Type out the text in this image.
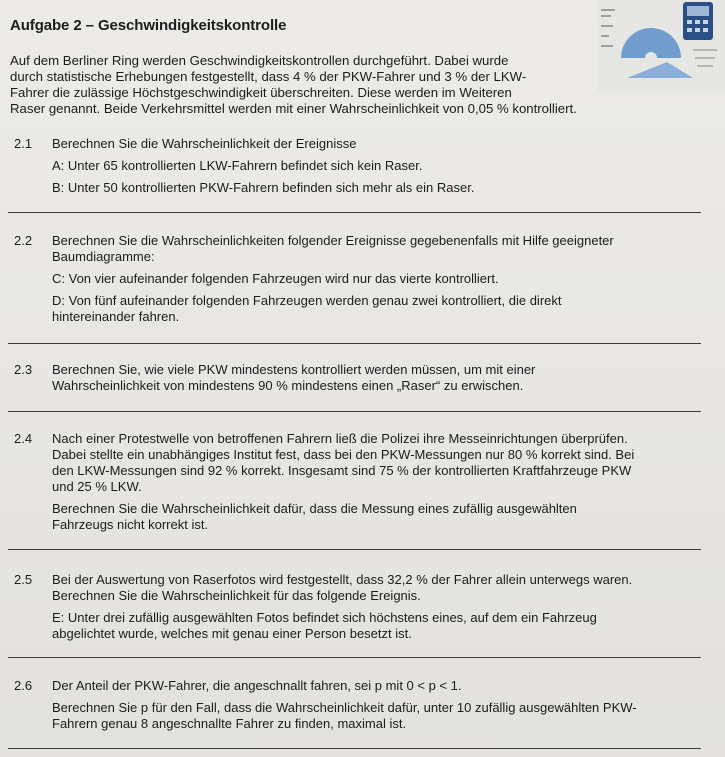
Aufgabe 2 – Geschwindigkeitskontrolle
Auf dem Berliner Ring werden Geschwindigkeitskontrollen durchgeführt. Dabei wurde
durch statistische Erhebungen festgestellt, dass 4 % der PKW-Fahrer und 3 % der LKW-
Fahrer die zulässige Höchstgeschwindigkeit überschreiten. Diese werden im Weiteren
Raser genannt. Beide Verkehrsmittel werden mit einer Wahrscheinlichkeit von 0,05 % kontrolliert.
2.1 Berechnen Sie die Wahrscheinlichkeit der Ereignisse
A: Unter 65 kontrollierten LKW-Fahrern befindet sich kein Raser.
B: Unter 50 kontrollierten PKW-Fahrern befinden sich mehr als ein Raser.
2.2 Berechnen Sie die Wahrscheinlichkeiten folgender Ereignisse gegebenenfalls mit Hilfe geeigneter
Baumdiagramme:
C: Von vier aufeinander folgenden Fahrzeugen wird nur das vierte kontrolliert.
D: Von fünf aufeinander folgenden Fahrzeugen werden genau zwei kontrolliert, die direkt
hintereinander fahren.
2.3 Berechnen Sie, wie viele PKW mindestens kontrolliert werden müssen, um mit einer
Wahrscheinlichkeit von mindestens 90 % mindestens einen „Raser“ zu erwischen.
2.4 Nach einer Protestwelle von betroffenen Fahrern ließ die Polizei ihre Messeinrichtungen überprüfen.
Dabei stellte ein unabhängiges Institut fest, dass bei den PKW-Messungen nur 80 % korrekt sind. Bei
den LKW-Messungen sind 92 % korrekt. Insgesamt sind 75 % der kontrollierten Kraftfahrzeuge PKW
und 25 % LKW.
Berechnen Sie die Wahrscheinlichkeit dafür, dass die Messung eines zufällig ausgewählten
Fahrzeugs nicht korrekt ist.
2.5 Bei der Auswertung von Raserfotos wird festgestellt, dass 32,2 % der Fahrer allein unterwegs waren.
Berechnen Sie die Wahrscheinlichkeit für das folgende Ereignis.
E: Unter drei zufällig ausgewählten Fotos befindet sich höchstens eines, auf dem ein Fahrzeug
abgelichtet wurde, welches mit genau einer Person besetzt ist.
2.6 Der Anteil der PKW-Fahrer, die angeschnallt fahren, sei p mit 0 < p < 1.
Berechnen Sie p für den Fall, dass die Wahrscheinlichkeit dafür, unter 10 zufällig ausgewählten PKW-
Fahrern genau 8 angeschnallte Fahrer zu finden, maximal ist.
